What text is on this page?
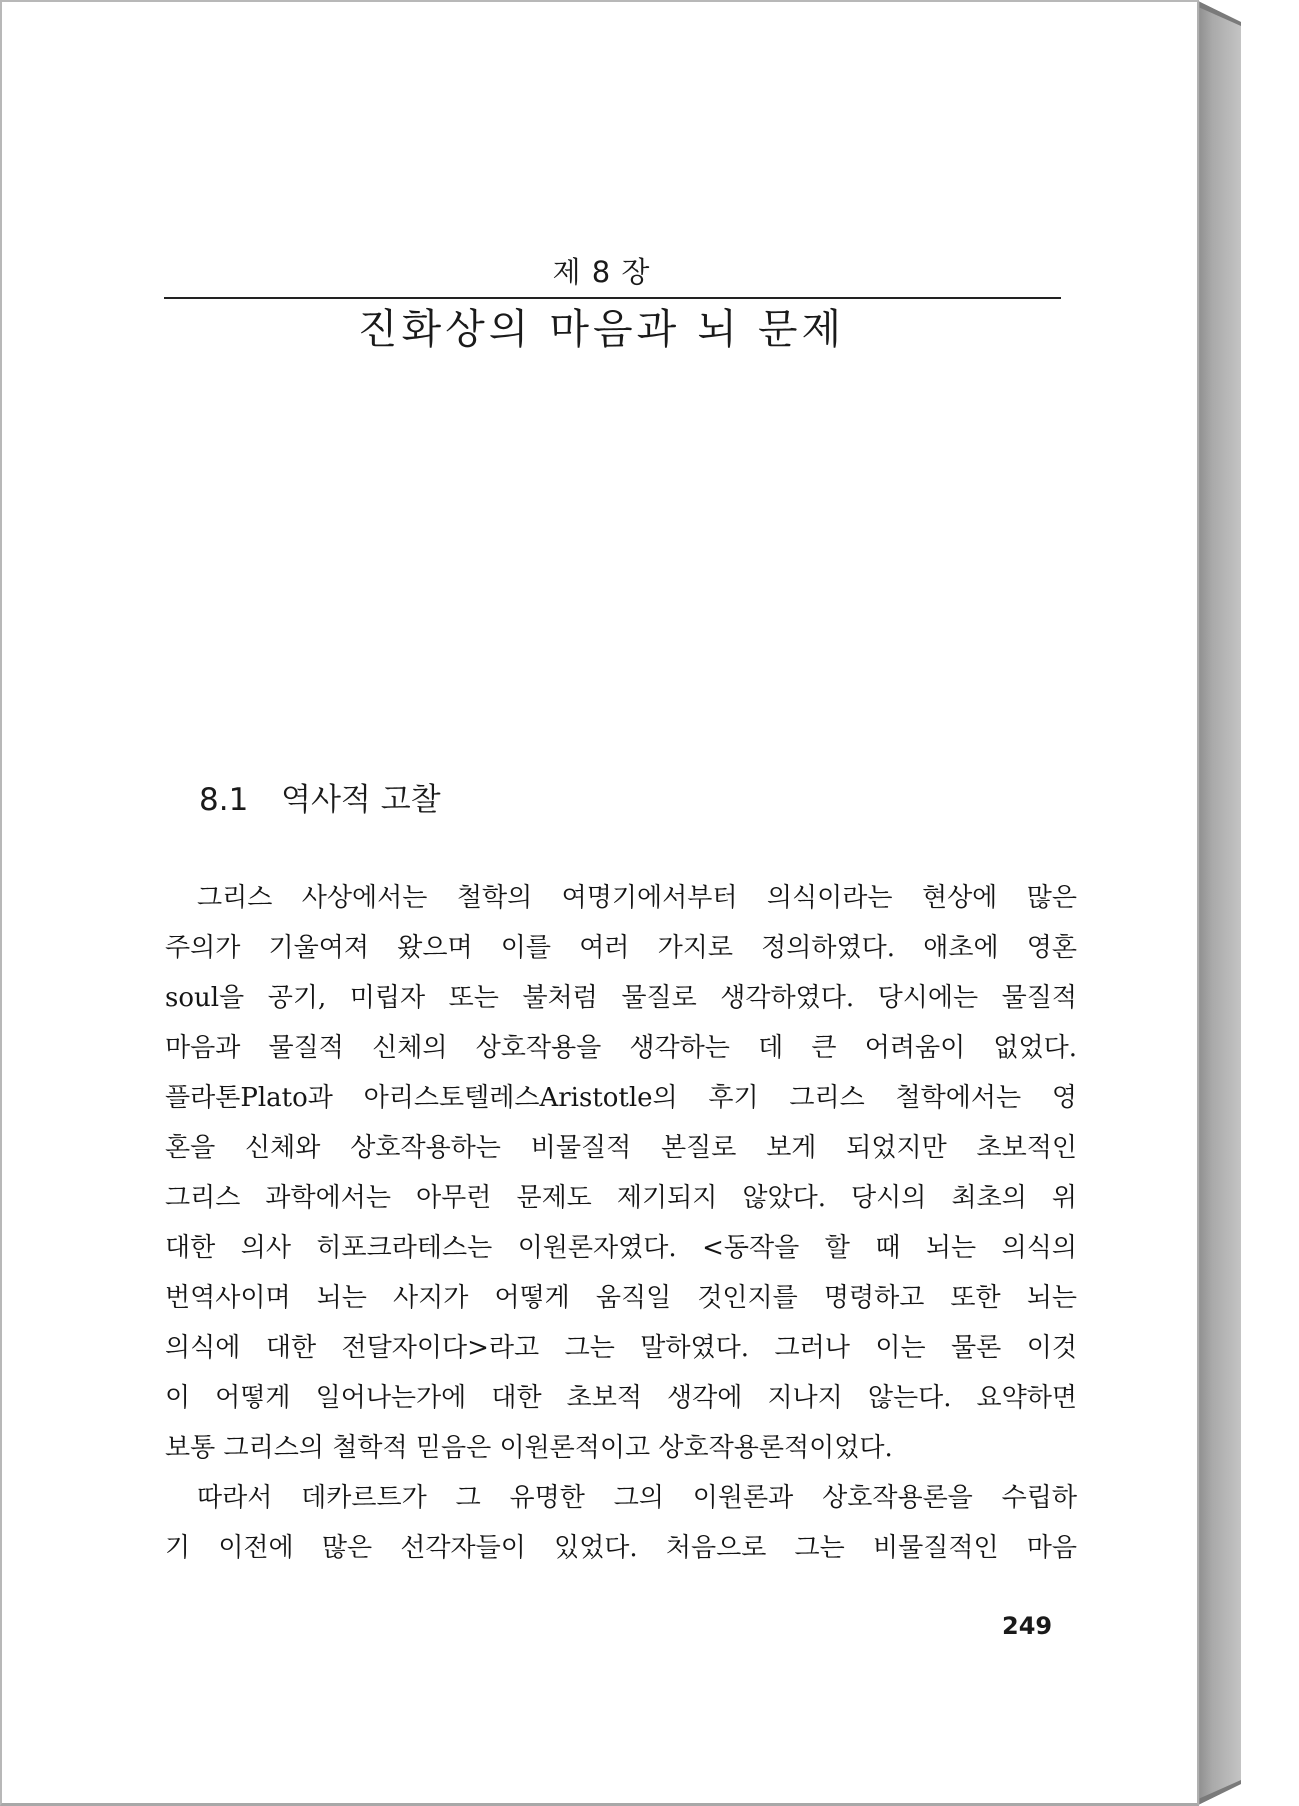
제 8 장
진화상의 마음과 뇌 문제
8.1 역사적 고찰
그리스 사상에서는 철학의 여명기에서부터 의식이라는 현상에 많은
주의가 기울여져 왔으며 이를 여러 가지로 정의하였다. 애초에 영혼
soul을 공기, 미립자 또는 불처럼 물질로 생각하였다. 당시에는 물질적
마음과 물질적 신체의 상호작용을 생각하는 데 큰 어려움이 없었다.
플라톤Plato과 아리스토텔레스Aristotle의 후기 그리스 철학에서는 영
혼을 신체와 상호작용하는 비물질적 본질로 보게 되었지만 초보적인
그리스 과학에서는 아무런 문제도 제기되지 않았다. 당시의 최초의 위
대한 의사 히포크라테스는 이원론자였다. <동작을 할 때 뇌는 의식의
번역사이며 뇌는 사지가 어떻게 움직일 것인지를 명령하고 또한 뇌는
의식에 대한 전달자이다>라고 그는 말하였다. 그러나 이는 물론 이것
이 어떻게 일어나는가에 대한 초보적 생각에 지나지 않는다. 요약하면
보통 그리스의 철학적 믿음은 이원론적이고 상호작용론적이었다.
따라서 데카르트가 그 유명한 그의 이원론과 상호작용론을 수립하
기 이전에 많은 선각자들이 있었다. 처음으로 그는 비물질적인 마음
249
